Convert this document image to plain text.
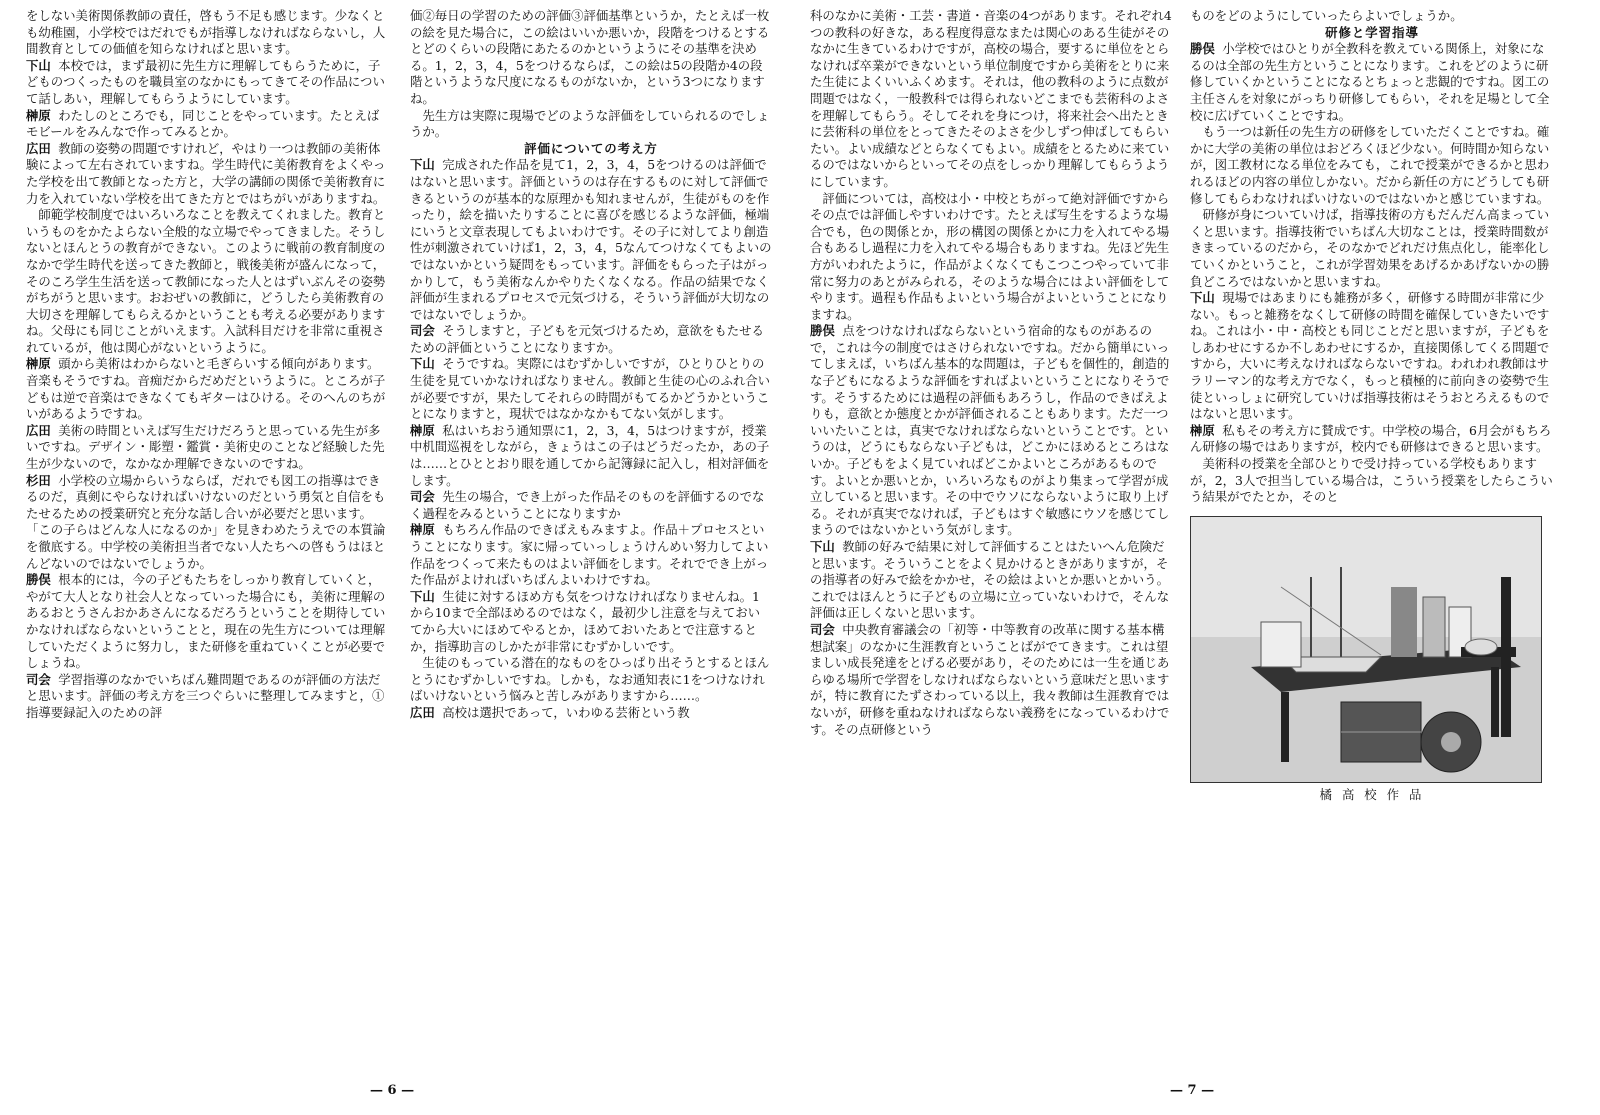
をしない美術関係教師の責任，啓もう不足も感じます。少なくとも幼稚園，小学校ではだれでもが指導しなければならないし，人間教育としての価値を知らなければと思います。

下山 本校では，まず最初に先生方に理解してもらうために，子どものつくったものを職員室のなかにもってきてその作品について話しあい，理解してもらうようにしています。

榊原 わたしのところでも，同じことをやっています。たとえばモビールをみんなで作ってみるとか。

広田 教師の姿勢の問題ですけれど，やはり一つは教師の美術体験によって左右されていますね。学生時代に美術教育をよくやった学校を出て教師となった方と，大学の講師の関係で美術教育に力を入れていない学校を出てきた方とではちがいがありますね。

師範学校制度ではいろいろなことを教えてくれました。教育というものをかたよらない全般的な立場でやってきました。そうしないとほんとうの教育ができない。このように戦前の教育制度のなかで学生時代を送ってきた教師と，戦後美術が盛んになって，そのころ学生生活を送って教師になった人とはずいぶんその姿勢がちがうと思います。おおぜいの教師に，どうしたら美術教育の大切さを理解してもらえるかということも考える必要がありますね。父母にも同じことがいえます。入試科目だけを非常に重視されているが，他は関心がないというように。

榊原 頭から美術はわからないと毛ぎらいする傾向があります。音楽もそうですね。音痴だからだめだというように。ところが子どもは逆で音楽はできなくてもギターはひける。そのへんのちがいがあるようですね。

広田 美術の時間といえば写生だけだろうと思っている先生が多いですね。デザイン・彫塑・鑑賞・美術史のことなど経験した先生が少ないので，なかなか理解できないのですね。

杉田 小学校の立場からいうならば，だれでも図工の指導はできるのだ，真剣にやらなければいけないのだという勇気と自信をもたせるための授業研究と充分な話し合いが必要だと思います。「この子らはどんな人になるのか」を見きわめたうえでの本質論を徹底する。中学校の美術担当者でない人たちへの啓もうはほとんどないのではないでしょうか。

勝俣 根本的には，今の子どもたちをしっかり教育していくと，やがて大人となり社会人となっていった場合にも，美術に理解のあるおとうさんおかあさんになるだろうということを期待していかなければならないということと，現在の先生方については理解していただくように努力し，また研修を重ねていくことが必要でしょうね。

司会 学習指導のなかでいちばん難問題であるのが評価の方法だと思います。評価の考え方を三つぐらいに整理してみますと，①指導要録記入のための評

価②毎日の学習のための評価③評価基準というか，たとえば一枚の絵を見た場合に，この絵はいいか悪いか，段階をつけるとするとどのくらいの段階にあたるのかというようにその基準を決める。1，2，3，4，5をつけるならば，この絵は5の段階か4の段階というような尺度になるものがないか，という3つになりますね。

先生方は実際に現場でどのような評価をしていられるのでしょうか。

評価についての考え方

下山 完成された作品を見て1，2，3，4，5をつけるのは評価ではないと思います。評価というのは存在するものに対して評価できるというのが基本的な原理かも知れませんが，生徒がものを作ったり，絵を描いたりすることに喜びを感じるような評価，極端にいうと文章表現してもよいわけです。その子に対してより創造性が刺激されていけば1，2，3，4，5なんてつけなくてもよいのではないかという疑問をもっています。評価をもらった子はがっかりして，もう美術なんかやりたくなくなる。作品の結果でなく評価が生まれるプロセスで元気づける，そういう評価が大切なのではないでしょうか。

司会 そうしますと，子どもを元気づけるため，意欲をもたせるための評価ということになりますか。

下山 そうですね。実際にはむずかしいですが，ひとりひとりの生徒を見ていかなければなりません。教師と生徒の心のふれ合いが必要ですが，果たしてそれらの時間がもてるかどうかということになりますと，現状ではなかなかもてない気がします。

榊原 私はいちおう通知票に1，2，3，4，5はつけますが，授業中机間巡視をしながら，きょうはこの子はどうだったか，あの子は……とひととおり眼を通してから記簿録に記入し，相対評価をします。

司会 先生の場合，でき上がった作品そのものを評価するのでなく過程をみるということになりますか

榊原 もちろん作品のできばえもみますよ。作品＋プロセスということになります。家に帰っていっしょうけんめい努力してよい作品をつくって来たものはよい評価をします。それででき上がった作品がよければいちばんよいわけですね。

下山 生徒に対するほめ方も気をつけなければなりませんね。1から10まで全部ほめるのではなく，最初少し注意を与えておいてから大いにほめてやるとか，ほめておいたあとで注意するとか，指導助言のしかたが非常にむずかしいです。

生徒のもっている潜在的なものをひっぱり出そうとするとほんとうにむずかしいですね。しかも，なお通知表に1をつけなければいけないという悩みと苦しみがありますから……。

広田 高校は選択であって，いわゆる芸術という教

— 6 —

科のなかに美術・工芸・書道・音楽の4つがあります。それぞれ4つの教科の好きな，ある程度得意なまたは関心のある生徒がそのなかに生きているわけですが，高校の場合，要するに単位をとらなければ卒業ができないという単位制度ですから美術をとりに来た生徒によくいいふくめます。それは，他の教科のように点数が問題ではなく，一般教科では得られないどこまでも芸術科のよさを理解してもらう。そしてそれを身につけ，将来社会へ出たときに芸術科の単位をとってきたそのよさを少しずつ伸ばしてもらいたい。よい成績などとらなくてもよい。成績をとるために来ているのではないからといってその点をしっかり理解してもらうようにしています。

評価については，高校は小・中校とちがって絶対評価ですからその点では評価しやすいわけです。たとえば写生をするような場合でも，色の関係とか，形の構図の関係とかに力を入れてやる場合もあるし過程に力を入れてやる場合もありますね。先ほど先生方がいわれたように，作品がよくなくてもこつこつやっていて非常に努力のあとがみられる，そのような場合にはよい評価をしてやります。過程も作品もよいという場合がよいということになりますね。

勝俣 点をつけなければならないという宿命的なものがあるので，これは今の制度ではさけられないですね。だから簡単にいってしまえば，いちばん基本的な問題は，子どもを個性的，創造的な子どもになるような評価をすればよいということになりそうです。そうするためには過程の評価もあろうし，作品のできばえよりも，意欲とか態度とかが評価されることもあります。ただ一ついいたいことは，真実でなければならないということです。というのは，どうにもならない子どもは，どこかにほめるところはないか。子どもをよく見ていればどこかよいところがあるものです。よいとか悪いとか，いろいろなものがより集まって学習が成立していると思います。その中でウソにならないように取り上げる。それが真実でなければ，子どもはすぐ敏感にウソを感じてしまうのではないかという気がします。

下山 教師の好みで結果に対して評価することはたいへん危険だと思います。そういうことをよく見かけるときがありますが，その指導者の好みで絵をかかせ，その絵はよいとか悪いとかいう。これではほんとうに子どもの立場に立っていないわけで，そんな評価は正しくないと思います。

司会 中央教育審議会の「初等・中等教育の改革に関する基本構想試案」のなかに生涯教育ということばがでてきます。これは望ましい成長発達をとげる必要があり，そのためには一生を通じあらゆる場所で学習をしなければならないという意味だと思いますが，特に教育にたずさわっている以上，我々教師は生涯教育ではないが，研修を重ねなければならない義務をになっているわけです。その点研修という

ものをどのようにしていったらよいでしょうか。

研修と学習指導

勝俣 小学校ではひとりが全教科を教えている関係上，対象になるのは全部の先生方ということになります。これをどのように研修していくかということになるとちょっと悲観的ですね。図工の主任さんを対象にがっちり研修してもらい，それを足場として全校に広げていくことですね。

もう一つは新任の先生方の研修をしていただくことですね。確かに大学の美術の単位はおどろくほど少ない。何時間か知らないが，図工教材になる単位をみても，これで授業ができるかと思われるほどの内容の単位しかない。だから新任の方にどうしても研修してもらわなければいけないのではないかと感じていますね。

研修が身についていけば，指導技術の方もだんだん高まっていくと思います。指導技術でいちばん大切なことは，授業時間数がきまっているのだから，そのなかでどれだけ焦点化し，能率化していくかということ，これが学習効果をあげるかあげないかの勝負どころではないかと思いますね。

下山 現場ではあまりにも雑務が多く，研修する時間が非常に少ない。もっと雑務をなくして研修の時間を確保していきたいですね。これは小・中・高校とも同じことだと思いますが，子どもをしあわせにするか不しあわせにするか，直接関係してくる問題ですから，大いに考えなければならないですね。われわれ教師はサラリーマン的な考え方でなく，もっと積極的に前向きの姿勢で生徒といっしょに研究していけば指導技術はそうおとろえるものではないと思います。

榊原 私もその考え方に賛成です。中学校の場合，6月会がもちろん研修の場ではありますが，校内でも研修はできると思います。

美術科の授業を全部ひとりで受け持っている学校もありますが，2，3人で担当している場合は，こういう授業をしたらこういう結果がでたとか，そのと

橘 高 校 作 品
— 7 —
